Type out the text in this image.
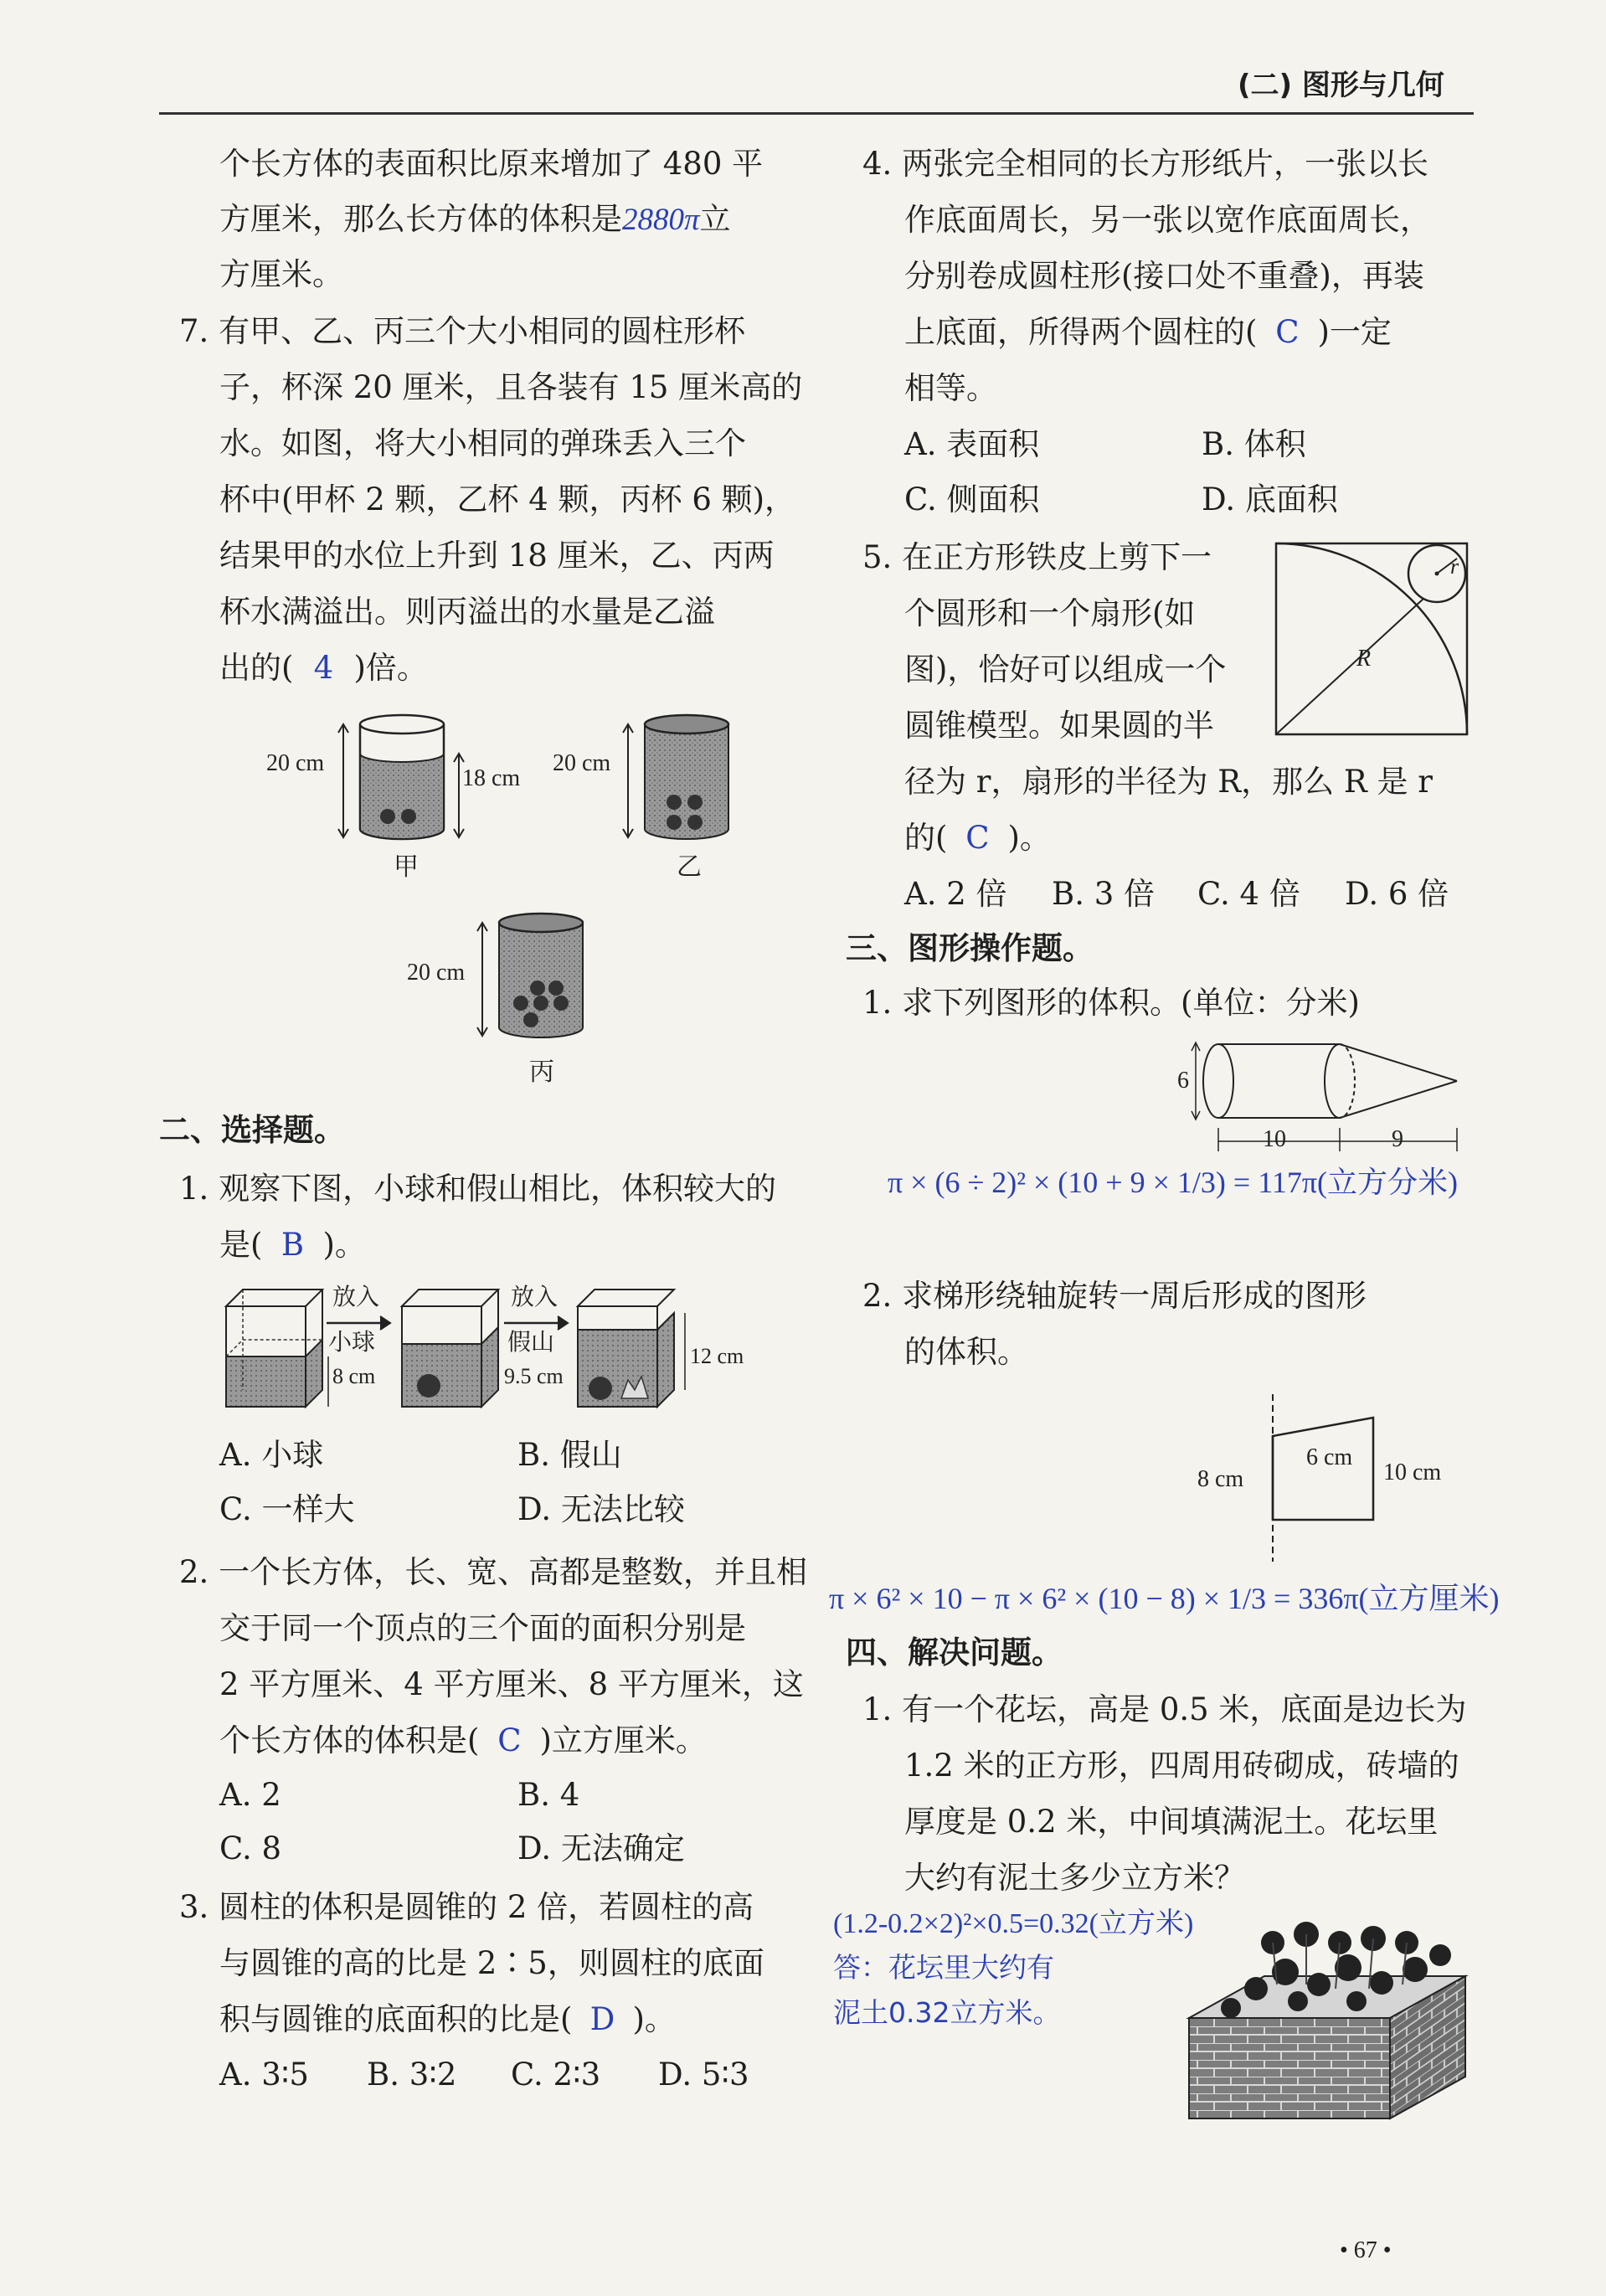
(二) 图形与几何
个长方体的表面积比原来增加了 480 平
方厘米，那么长方体的体积是2880π立
方厘米。
7. 有甲、乙、丙三个大小相同的圆柱形杯
子，杯深 20 厘米，且各装有 15 厘米高的
水。如图，将大小相同的弹珠丢入三个
杯中(甲杯 2 颗，乙杯 4 颗，丙杯 6 颗)，
结果甲的水位上升到 18 厘米，乙、丙两
杯水满溢出。则丙溢出的水量是乙溢
出的( 4 )倍。
20 cm
18 cm
甲
20 cm
乙
20 cm
丙
二、选择题。
1. 观察下图，小球和假山相比，体积较大的
是( B )。
放入
小球
8 cm
放入
假山
9.5 cm
12 cm
A. 小球	B. 假山
C. 一样大	D. 无法比较
2. 一个长方体，长、宽、高都是整数，并且相
交于同一个顶点的三个面的面积分别是
2 平方厘米、4 平方厘米、8 平方厘米，这
个长方体的体积是( C )立方厘米。
A. 2	B. 4
C. 8	D. 无法确定
3. 圆柱的体积是圆锥的 2 倍，若圆柱的高
与圆锥的高的比是 2∶5，则圆柱的底面
积与圆锥的底面积的比是( D )。
A. 3∶5 B. 3∶2 C. 2∶3 D. 5∶3
4. 两张完全相同的长方形纸片，一张以长
作底面周长，另一张以宽作底面周长，
分别卷成圆柱形(接口处不重叠)，再装
上底面，所得两个圆柱的( C )一定
相等。
A. 表面积	B. 体积
C. 侧面积	D. 底面积
5. 在正方形铁皮上剪下一
个圆形和一个扇形(如
图)，恰好可以组成一个
圆锥模型。如果圆的半
径为 r，扇形的半径为 R，那么 R 是 r
的( C )。
A. 2 倍 B. 3 倍 C. 4 倍 D. 6 倍
r
R
三、图形操作题。
1. 求下列图形的体积。(单位：分米)
6
10	9
π × (6 ÷ 2)² × (10 + 9 × 1/3) = 117π(立方分米)
2. 求梯形绕轴旋转一周后形成的图形
的体积。
8 cm
6 cm
10 cm
π × 6² × 10 − π × 6² × (10 − 8) × 1/3 = 336π(立方厘米)
四、解决问题。
1. 有一个花坛，高是 0.5 米，底面是边长为
1.2 米的正方形，四周用砖砌成，砖墙的
厚度是 0.2 米，中间填满泥土。花坛里
大约有泥土多少立方米？
(1.2-0.2×2)²×0.5=0.32(立方米)
答：花坛里大约有
泥土0.32立方米。
• 67 •
